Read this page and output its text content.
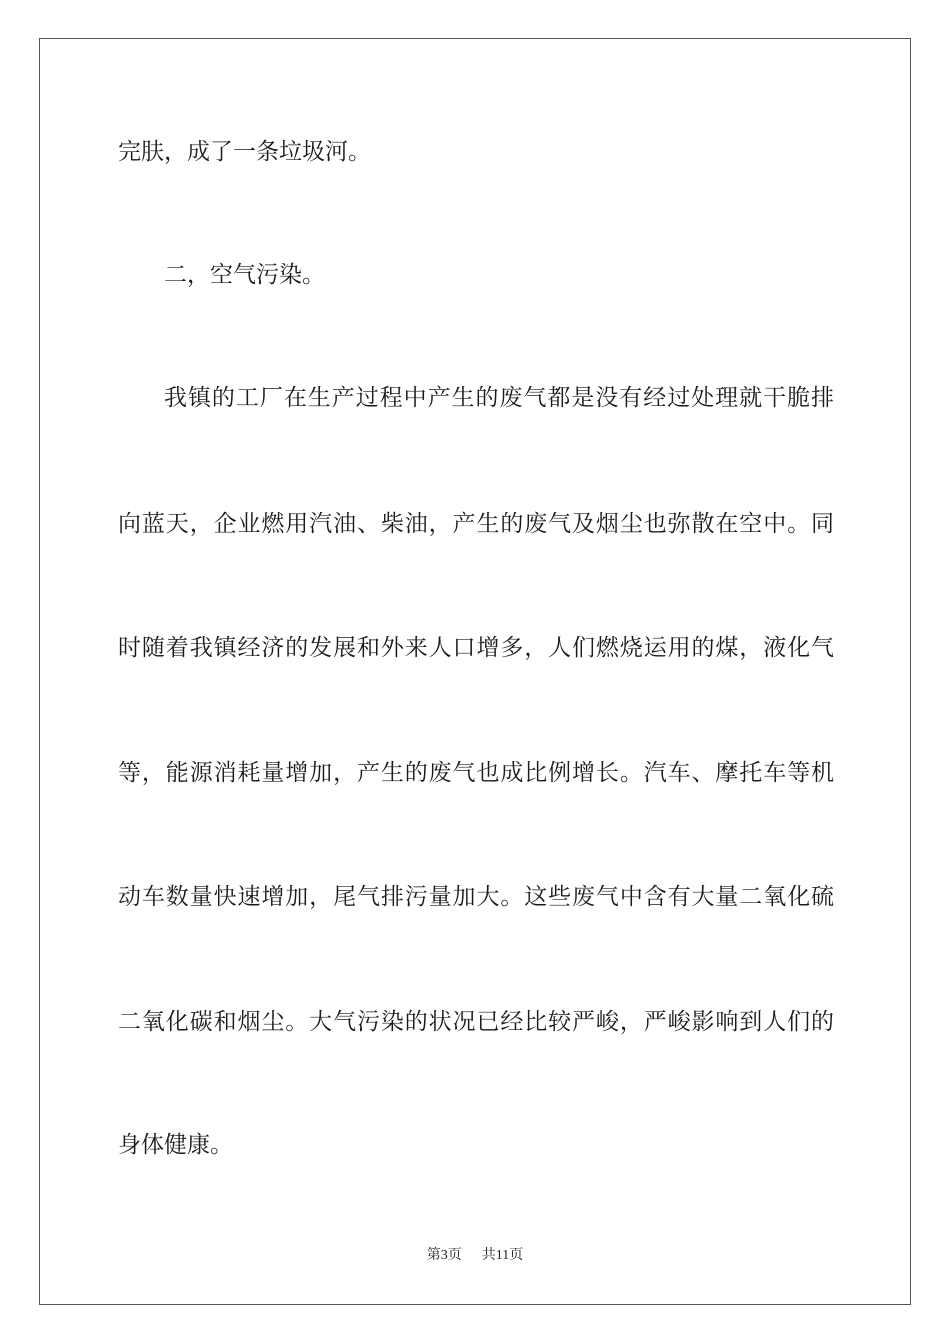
完肤，成了一条垃圾河。

二，空气污染。

我镇的工厂在生产过程中产生的废气都是没有经过处理就干脆排

向蓝天，企业燃用汽油、柴油，产生的废气及烟尘也弥散在空中。同

时随着我镇经济的发展和外来人口增多，人们燃烧运用的煤，液化气

等，能源消耗量增加，产生的废气也成比例增长。汽车、摩托车等机

动车数量快速增加，尾气排污量加大。这些废气中含有大量二氧化硫

二氧化碳和烟尘。大气污染的状况已经比较严峻，严峻影响到人们的

身体健康。

第3页 共11页
